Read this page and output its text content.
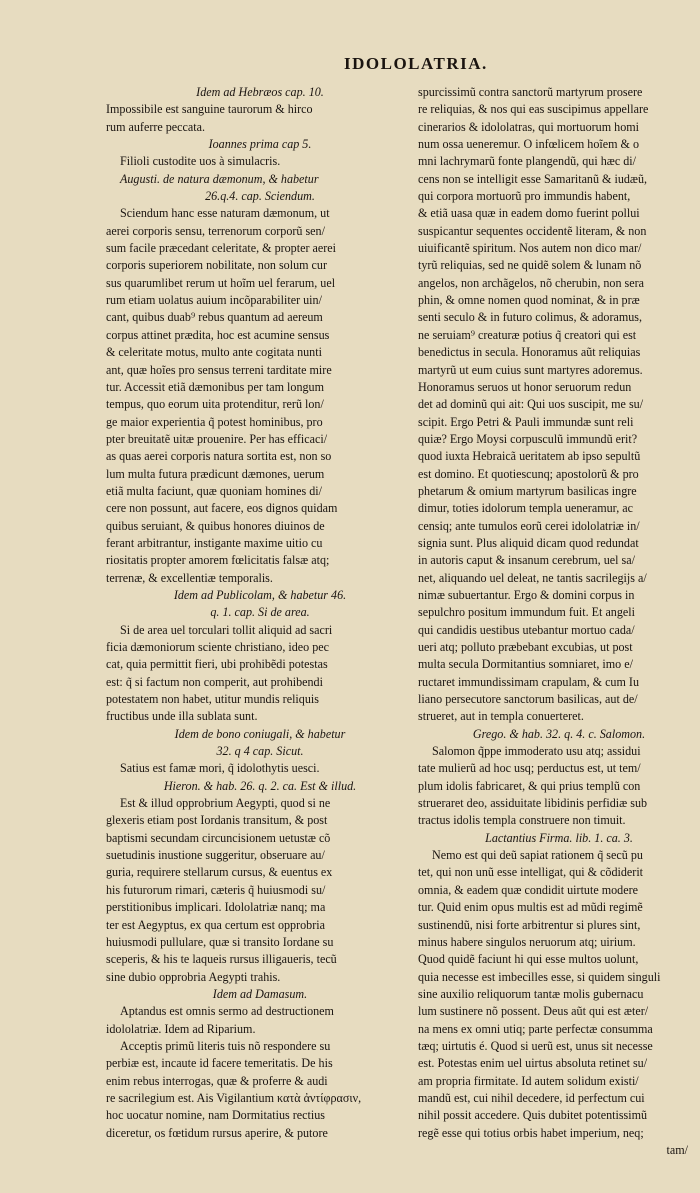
IDOLOLATRIA.
Idem ad Hebræos cap. 10.
Impossibile est sanguine taurorum & hirco
rum auferre peccata.
Ioannes prima cap 5.
Filioli custodite uos à simulacris.
Augusti. de natura dæmonum, & habetur
26.q.4. cap. Sciendum.
Sciendum hanc esse naturam dæmonum, ut
aerei corporis sensu, terrenorum corporũ sen/
sum facile præcedant celeritate, & propter aerei
corporis superiorem nobilitate, non solum cur
sus quarumlibet rerum ut hoĩm uel ferarum, uel
rum etiam uolatus auium incõparabiliter uin/
cant, quibus duab⁹ rebus quantum ad aereum
corpus attinet prædita, hoc est acumine sensus
& celeritate motus, multo ante cogitata nunti
ant, quæ hoĩes pro sensus terreni tarditate mire
tur. Accessit etiã dæmonibus per tam longum
tempus, quo eorum uita protenditur, rerũ lon/
ge maior experientia q̃ potest hominibus, pro
pter breuitatẽ uitæ prouenire. Per has efficaci/
as quas aerei corporis natura sortita est, non so
lum multa futura prædicunt dæmones, uerum
etiã multa faciunt, quæ quoniam homines di/
cere non possunt, aut facere, eos dignos quidam
quibus seruiant, & quibus honores diuinos de
ferant arbitrantur, instigante maxime uitio cu
riositatis propter amorem fœlicitatis falsæ atq;
terrenæ, & excellentiæ temporalis.
Idem ad Publicolam, & habetur 46.
q. 1. cap. Si de area.
Si de area uel torculari tollit aliquid ad sacri
ficia dæmoniorum sciente christiano, ideo pec
cat, quia permittit fieri, ubi prohibẽdi potestas
est: q̃ si factum non comperit, aut prohibendi
potestatem non habet, utitur mundis reliquis
fructibus unde illa sublata sunt.
Idem de bono coniugali, & habetur
32. q 4 cap. Sicut.
Satius est famæ mori, q̃ idolothytis uesci.
Hieron. & hab. 26. q. 2. ca. Est & illud.
Est & illud opprobrium Aegypti, quod si ne
glexeris etiam post Iordanis transitum, & post
baptismi secundam circuncisionem uetustæ cõ
suetudinis inustione suggeritur, obseruare au/
guria, requirere stellarum cursus, & euentus ex
his futurorum rimari, cæteris q̃ huiusmodi su/
perstitionibus implicari. Idololatriæ nanq; ma
ter est Aegyptus, ex qua certum est opprobria
huiusmodi pullulare, quæ si transito Iordane su
sceperis, & his te laqueis rursus illigaueris, tecũ
sine dubio opprobria Aegypti trahis.
Idem ad Damasum.
Aptandus est omnis sermo ad destructionem
idololatriæ. Idem ad Riparium.
Acceptis primũ literis tuis nõ respondere su
perbiæ est, incaute id facere temeritatis. De his
enim rebus interrogas, quæ & proferre & audi
re sacrilegium est. Ais Vigilantium κατὰ ἀντίφρασιν,
hoc uocatur nomine, nam Dormitatius rectius
diceretur, os fœtidum rursus aperire, & putore
spurcissimũ contra sanctorũ martyrum prosere
re reliquias, & nos qui eas suscipimus appellare
cinerarios & idololatras, qui mortuorum homi
num ossa ueneremur. O infœlicem hoĩem & o
mni lachrymarũ fonte plangendũ, qui hæc di/
cens non se intelligit esse Samaritanũ & iudæũ,
qui corpora mortuorũ pro immundis habent,
& etiã uasa quæ in eadem domo fuerint pollui
suspicantur sequentes occidentẽ literam, & non
uiuificantẽ spiritum. Nos autem non dico mar/
tyrũ reliquias, sed ne quidẽ solem & lunam nõ
angelos, non archãgelos, nõ cherubin, non sera
phin, & omne nomen quod nominat, & in præ
senti seculo & in futuro colimus, & adoramus,
ne seruiam⁹ creaturæ potius q̃ creatori qui est
benedictus in secula. Honoramus aũt reliquias
martyrũ ut eum cuius sunt martyres adoremus.
Honoramus seruos ut honor seruorum redun
det ad dominũ qui ait: Qui uos suscipit, me su/
scipit. Ergo Petri & Pauli immundæ sunt reli
quiæ? Ergo Moysi corpusculũ immundũ erit?
quod iuxta Hebraicã ueritatem ab ipso sepultũ
est domino. Et quotiescunq; apostolorũ & pro
phetarum & omium martyrum basilicas ingre
dimur, toties idolorum templa ueneramur, ac
censiq; ante tumulos eorũ cerei idololatriæ in/
signia sunt. Plus aliquid dicam quod redundat
in autoris caput & insanum cerebrum, uel sa/
net, aliquando uel deleat, ne tantis sacrilegijs a/
nimæ subuertantur. Ergo & domini corpus in
sepulchro positum immundum fuit. Et angeli
qui candidis uestibus utebantur mortuo cada/
ueri atq; polluto præbebant excubias, ut post
multa secula Dormitantius somniaret, imo e/
ructaret immundissimam crapulam, & cum Iu
liano persecutore sanctorum basilicas, aut de/
strueret, aut in templa conuerteret.
Grego. & hab. 32. q. 4. c. Salomon.
Salomon q̃ppe immoderato usu atq; assidui
tate mulierũ ad hoc usq; perductus est, ut tem/
plum idolis fabricaret, & qui prius templũ con
strueraret deo, assiduitate libidinis perfidiæ sub
tractus idolis templa construere non timuit.
Lactantius Firma. lib. 1. ca. 3.
Nemo est qui deũ sapiat rationem q̃ secũ pu
tet, qui non unũ esse intelligat, qui & cõdiderit
omnia, & eadem quæ condidit uirtute modere
tur. Quid enim opus multis est ad mũdi regimẽ
sustinendũ, nisi forte arbitrentur si plures sint,
minus habere singulos neruorum atq; uirium.
Quod quidẽ faciunt hi qui esse multos uolunt,
quia necesse est imbecilles esse, si quidem singuli
sine auxilio reliquorum tantæ molis gubernacu
lum sustinere nõ possent. Deus aũt qui est æter/
na mens ex omni utiq; parte perfectæ consumma
tæq; uirtutis é. Quod si uerũ est, unus sit necesse
est. Potestas enim uel uirtus absoluta retinet su/
am propria firmitate. Id autem solidum existi/
mandũ est, cui nihil decedere, id perfectum cui
nihil possit accedere. Quis dubitet potentissimũ
regẽ esse qui totius orbis habet imperium, neq;
tam/
